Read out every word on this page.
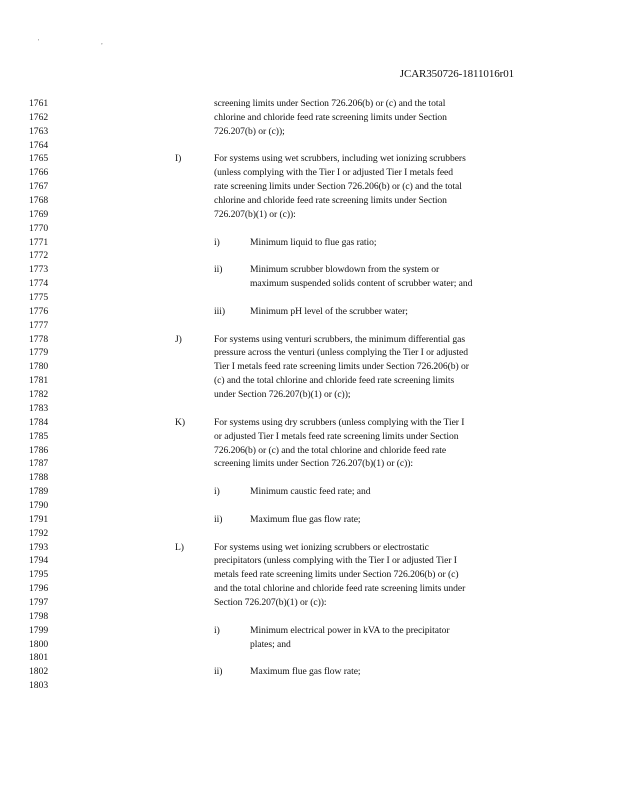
' ,
JCAR350726-1811016r01
1761
1762
1763
1764
1765
1766
1767
1768
1769
1770
1771
1772
1773
1774
1775
1776
1777
1778
1779
1780
1781
1782
1783
1784
1785
1786
1787
1788
1789
1790
1791
1792
1793
1794
1795
1796
1797
1798
1799
1800
1801
1802
1803
screening limits under Section 726.206(b) or (c) and the total
chlorine and chloride feed rate screening limits under Section
726.207(b) or (c));
I)	For systems using wet scrubbers, including wet ionizing scrubbers
(unless complying with the Tier I or adjusted Tier I metals feed
rate screening limits under Section 726.206(b) or (c) and the total
chlorine and chloride feed rate screening limits under Section
726.207(b)(1) or (c)):
i)	Minimum liquid to flue gas ratio;
ii)	Minimum scrubber blowdown from the system or
maximum suspended solids content of scrubber water; and
iii)	Minimum pH level of the scrubber water;
J)	For systems using venturi scrubbers, the minimum differential gas
pressure across the venturi (unless complying the Tier I or adjusted
Tier I metals feed rate screening limits under Section 726.206(b) or
(c) and the total chlorine and chloride feed rate screening limits
under Section 726.207(b)(1) or (c));
K)	For systems using dry scrubbers (unless complying with the Tier I
or adjusted Tier I metals feed rate screening limits under Section
726.206(b) or (c) and the total chlorine and chloride feed rate
screening limits under Section 726.207(b)(1) or (c)):
i)	Minimum caustic feed rate; and
ii)	Maximum flue gas flow rate;
L)	For systems using wet ionizing scrubbers or electrostatic
precipitators (unless complying with the Tier I or adjusted Tier I
metals feed rate screening limits under Section 726.206(b) or (c)
and the total chlorine and chloride feed rate screening limits under
Section 726.207(b)(1) or (c)):
i)	Minimum electrical power in kVA to the precipitator
plates; and
ii)	Maximum flue gas flow rate;
